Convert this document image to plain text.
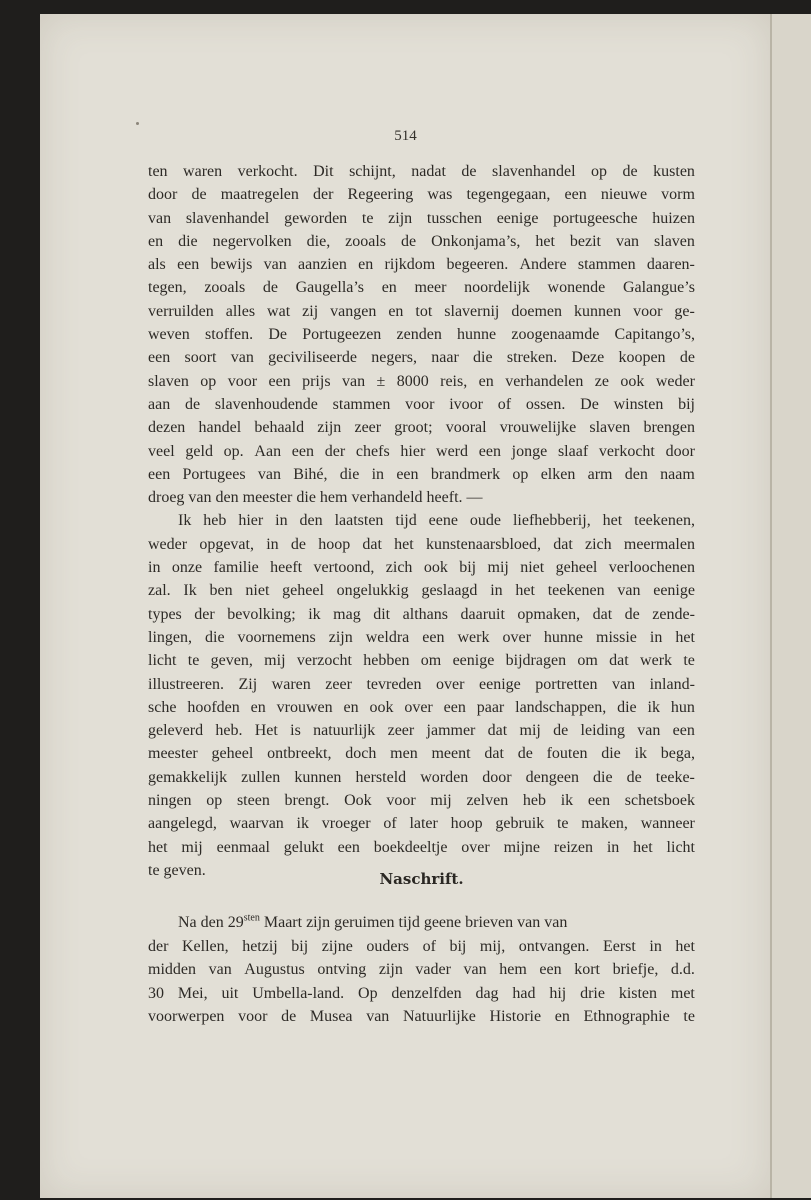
514
ten waren verkocht. Dit schijnt, nadat de slavenhandel op de kusten
door de maatregelen der Regeering was tegengegaan, een nieuwe vorm
van slavenhandel geworden te zijn tusschen eenige portugeesche huizen
en die negervolken die, zooals de Onkonjama’s, het bezit van slaven
als een bewijs van aanzien en rijkdom begeeren. Andere stammen daaren-
tegen, zooals de Gaugella’s en meer noordelijk wonende Galangue’s
verruilden alles wat zij vangen en tot slavernij doemen kunnen voor ge-
weven stoffen. De Portugeezen zenden hunne zoogenaamde Capitango’s,
een soort van geciviliseerde negers, naar die streken. Deze koopen de
slaven op voor een prijs van ± 8000 reis, en verhandelen ze ook weder
aan de slavenhoudende stammen voor ivoor of ossen. De winsten bij
dezen handel behaald zijn zeer groot; vooral vrouwelijke slaven brengen
veel geld op. Aan een der chefs hier werd een jonge slaaf verkocht door
een Portugees van Bihé, die in een brandmerk op elken arm den naam
droeg van den meester die hem verhandeld heeft. —
Ik heb hier in den laatsten tijd eene oude liefhebberij, het teekenen,
weder opgevat, in de hoop dat het kunstenaarsbloed, dat zich meermalen
in onze familie heeft vertoond, zich ook bij mij niet geheel verloochenen
zal. Ik ben niet geheel ongelukkig geslaagd in het teekenen van eenige
types der bevolking; ik mag dit althans daaruit opmaken, dat de zende-
lingen, die voornemens zijn weldra een werk over hunne missie in het
licht te geven, mij verzocht hebben om eenige bijdragen om dat werk te
illustreeren. Zij waren zeer tevreden over eenige portretten van inland-
sche hoofden en vrouwen en ook over een paar landschappen, die ik hun
geleverd heb. Het is natuurlijk zeer jammer dat mij de leiding van een
meester geheel ontbreekt, doch men meent dat de fouten die ik bega,
gemakkelijk zullen kunnen hersteld worden door dengeen die de teeke-
ningen op steen brengt. Ook voor mij zelven heb ik een schetsboek
aangelegd, waarvan ik vroeger of later hoop gebruik te maken, wanneer
het mij eenmaal gelukt een boekdeeltje over mijne reizen in het licht
te geven.	Naschrift.
Na den $29^{sten}$ Maart zijn geruimen tijd geene brieven van van
der Kellen, hetzij bij zijne ouders of bij mij, ontvangen. Eerst in het
midden van Augustus ontving zijn vader van hem een kort briefje, d.d.
30 Mei, uit Umbella-land. Op denzelfden dag had hij drie kisten met
voorwerpen voor de Musea van Natuurlijke Historie en Ethnographie te
